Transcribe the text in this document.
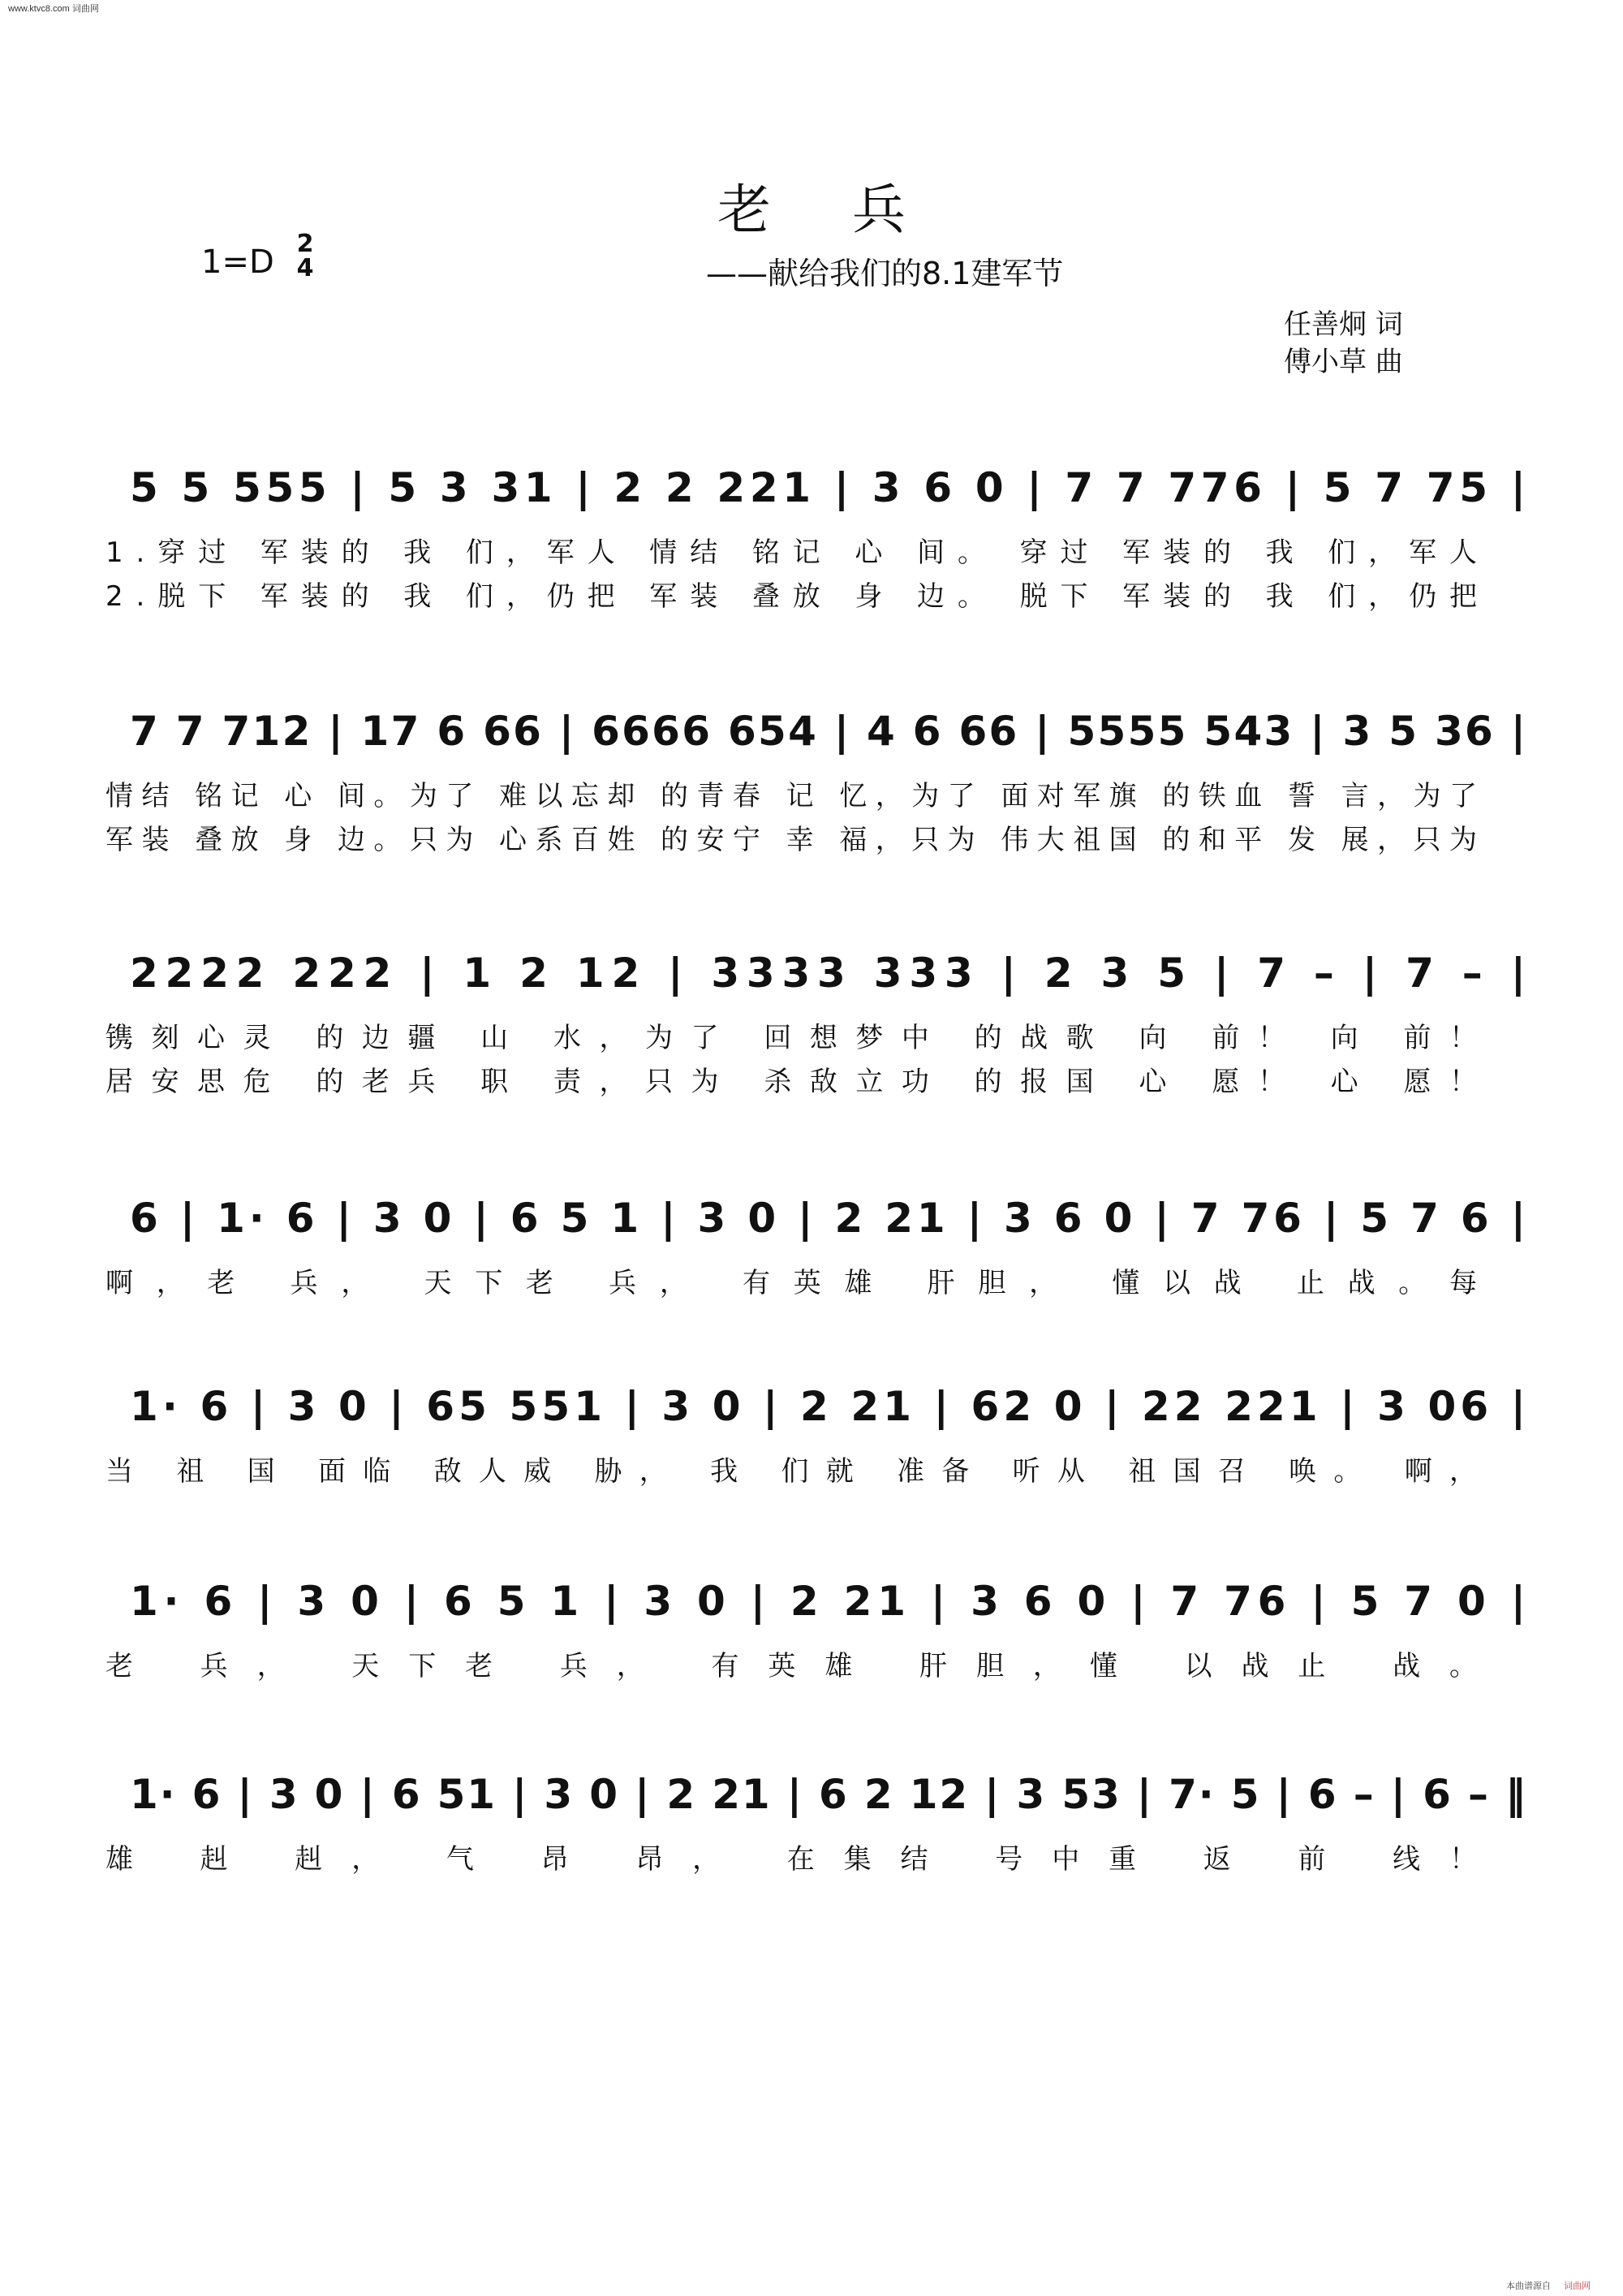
www.ktvc8.com 词曲网
老兵
1=D 2
4	——献给我们的8.1建军节
任善炯 词
傅小草 曲
5 5 555 | 5 3 31 | 2 2 221 | 3 6 0 | 7 7 776 | 5 7 75 |
1.穿过 军装的 我 们，军人 情结 铭记 心 间。 穿过 军装的 我 们，军人
2.脱下 军装的 我 们，仍把 军装 叠放 身 边。 脱下 军装的 我 们，仍把
7 7 712 | 17 6 66 | 6666 654 | 4 6 66 | 5555 543 | 3 5 36 |
情结 铭记 心 间。为了 难以忘却 的青春 记 忆，为了 面对军旗 的铁血 誓 言，为了
军装 叠放 身 边。只为 心系百姓 的安宁 幸 福，只为 伟大祖国 的和平 发 展，只为
2222 222 | 1 2 12 | 3333 333 | 2 3 5 | 7 – | 7 – |
镌刻心灵 的边疆 山 水，为了 回想梦中 的战歌 向 前！ 向 前！
居安思危 的老兵 职 责，只为 杀敌立功 的报国 心 愿！ 心 愿！
6 | 1· 6 | 3 0 | 6 5 1 | 3 0 | 2 21 | 3 6 0 | 7 76 | 5 7 6 |
啊，老 兵， 天下老 兵， 有英雄 肝胆， 懂以战 止战。每
1· 6 | 3 0 | 65 551 | 3 0 | 2 21 | 62 0 | 22 221 | 3 06 |
当 祖 国 面临 敌人威 胁， 我 们就 准备 听从 祖国召 唤。 啊，
1· 6 | 3 0 | 6 5 1 | 3 0 | 2 21 | 3 6 0 | 7 76 | 5 7 0 |
老 兵， 天下老 兵， 有英雄 肝胆，懂 以战止 战。
1· 6 | 3 0 | 6 51 | 3 0 | 2 21 | 6 2 12 | 3 53 | 7· 5 | 6 – | 6 – ‖
雄 赳 赳， 气 昂 昂， 在集结 号中重 返 前 线！
本曲谱源自 词曲网
